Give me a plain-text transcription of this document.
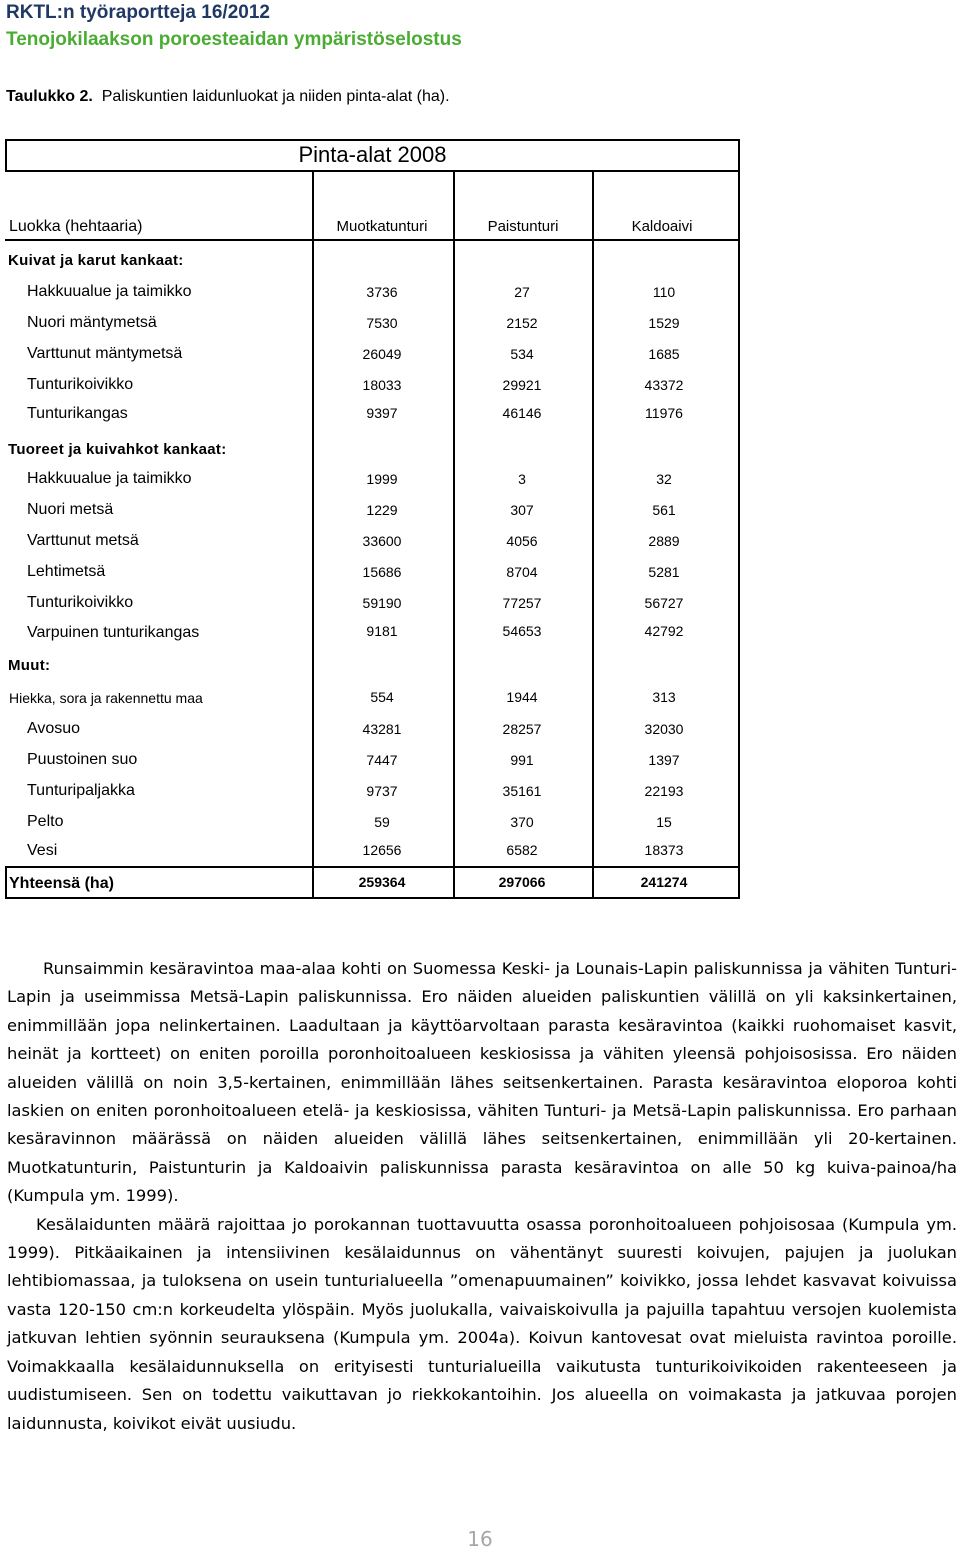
RKTL:n työraportteja 16/2012
Tenojokilaakson poroesteaidan ympäristöselostus
Taulukko 2. Paliskuntien laidunluokat ja niiden pinta-alat (ha).
Pinta-alat 2008
Luokka (hehtaaria)	Muotkatunturi	Paistunturi	Kaldoaivi
Kuivat ja karut kankaat:
Hakkuualue ja taimikko	3736	27	110
Nuori mäntymetsä	7530	2152	1529
Varttunut mäntymetsä	26049	534	1685
Tunturikoivikko	18033	29921	43372
Tunturikangas	9397	46146	11976
Tuoreet ja kuivahkot kankaat:
Hakkuualue ja taimikko	1999	3	32
Nuori metsä	1229	307	561
Varttunut metsä	33600	4056	2889
Lehtimetsä	15686	8704	5281
Tunturikoivikko	59190	77257	56727
Varpuinen tunturikangas	9181	54653	42792
Muut:
Hiekka, sora ja rakennettu maa	554	1944	313
Avosuo	43281	28257	32030
Puustoinen suo	7447	991	1397
Tunturipaljakka	9737	35161	22193
Pelto	59	370	15
Vesi	12656	6582	18373
Yhteensä (ha)	259364	297066	241274

Runsaimmin kesäravintoa maa-alaa kohti on Suomessa Keski- ja Lounais-Lapin paliskunnissa ja vähiten Tunturi-Lapin ja useimmissa Metsä-Lapin paliskunnissa. Ero näiden alueiden paliskuntien välillä on yli kaksinkertainen, enimmillään jopa nelinkertainen. Laadultaan ja käyttöarvoltaan parasta kesäravintoa (kaikki ruohomaiset kasvit, heinät ja kortteet) on eniten poroilla poronhoitoalueen keskiosissa ja vähiten yleensä pohjoisosissa. Ero näiden alueiden välillä on noin 3,5-kertainen, enimmillään lähes seitsenkertainen. Parasta kesäravintoa eloporoa kohti laskien on eniten poronhoitoalueen etelä- ja keskiosissa, vähiten Tunturi- ja Metsä-Lapin paliskunnissa. Ero parhaan kesäravinnon määrässä on näiden alueiden välillä lähes seitsenkertainen, enimmillään yli 20-kertainen. Muotkatunturin, Paistunturin ja Kaldoaivin paliskunnissa parasta kesäravintoa on alle 50 kg kuiva-painoa/ha (Kumpula ym. 1999).

Kesälaidunten määrä rajoittaa jo porokannan tuottavuutta osassa poronhoitoalueen pohjoisosaa (Kumpula ym. 1999). Pitkäaikainen ja intensiivinen kesälaidunnus on vähentänyt suuresti koivujen, pajujen ja juolukan lehtibiomassaa, ja tuloksena on usein tunturialueella ”omenapuumainen” koivikko, jossa lehdet kasvavat koivuissa vasta 120-150 cm:n korkeudelta ylöspäin. Myös juolukalla, vaivaiskoivulla ja pajuilla tapahtuu versojen kuolemista jatkuvan lehtien syönnin seurauksena (Kumpula ym. 2004a). Koivun kantovesat ovat mieluista ravintoa poroille. Voimakkaalla kesälaidunnuksella on erityisesti tunturialueilla vaikutusta tunturikoivikoiden rakenteeseen ja uudistumiseen. Sen on todettu vaikuttavan jo riekkokantoihin. Jos alueella on voimakasta ja jatkuvaa porojen laidunnusta, koivikot eivät uusiudu.

16
